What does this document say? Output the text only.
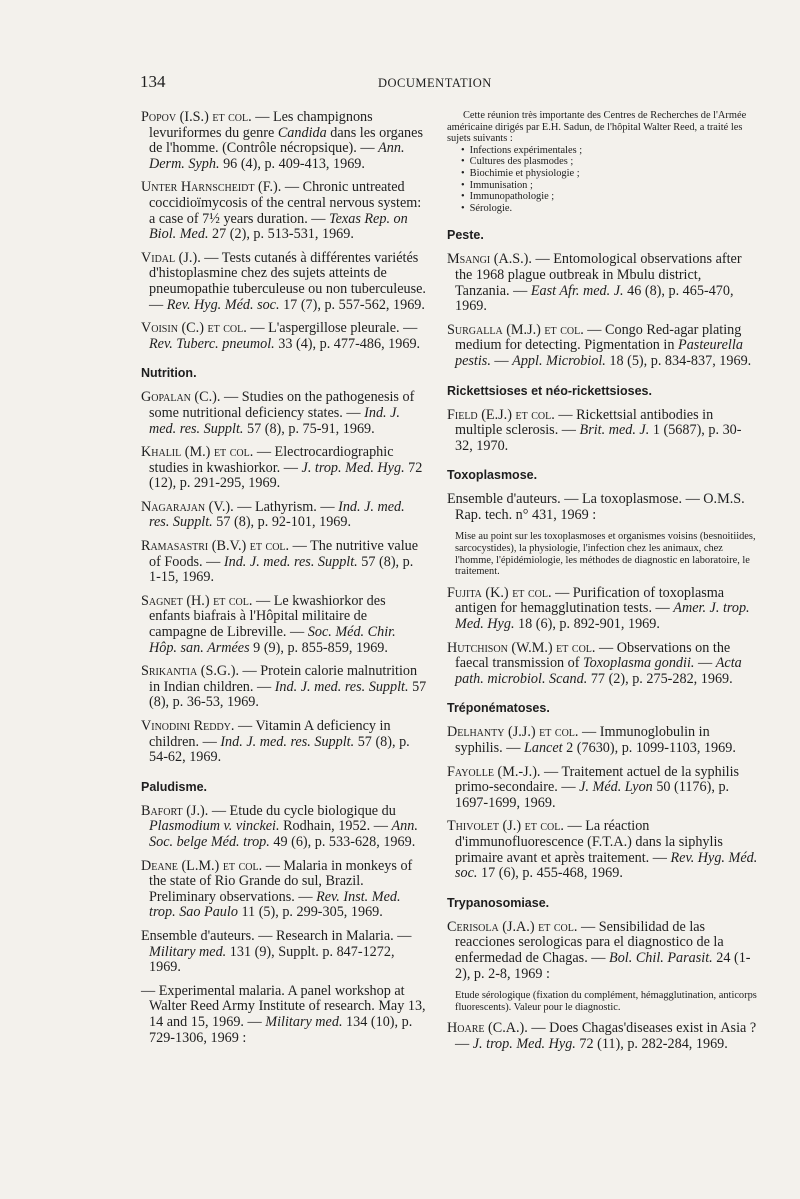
134	DOCUMENTATION
Popov (I.S.) et col. — Les champignons levuriformes du genre Candida dans les organes de l'homme. (Contrôle nécropsique). — Ann. Derm. Syph. 96 (4), p. 409-413, 1969.
Unter Harnscheidt (F.). — Chronic untreated coccidioïmycosis of the central nervous system: a case of 7½ years duration. — Texas Rep. on Biol. Med. 27 (2), p. 513-531, 1969.
Vidal (J.). — Tests cutanés à différentes variétés d'histoplasmine chez des sujets atteints de pneumopathie tuberculeuse ou non tuberculeuse. — Rev. Hyg. Méd. soc. 17 (7), p. 557-562, 1969.
Voisin (C.) et col. — L'aspergillose pleurale. — Rev. Tuberc. pneumol. 33 (4), p. 477-486, 1969.
Nutrition.
Gopalan (C.). — Studies on the pathogenesis of some nutritional deficiency states. — Ind. J. med. res. Supplt. 57 (8), p. 75-91, 1969.
Khalil (M.) et col. — Electrocardiographic studies in kwashiorkor. — J. trop. Med. Hyg. 72 (12), p. 291-295, 1969.
Nagarajan (V.). — Lathyrism. — Ind. J. med. res. Supplt. 57 (8), p. 92-101, 1969.
Ramasastri (B.V.) et col. — The nutritive value of Foods. — Ind. J. med. res. Supplt. 57 (8), p. 1-15, 1969.
Sagnet (H.) et col. — Le kwashiorkor des enfants biafrais à l'Hôpital militaire de campagne de Libreville. — Soc. Méd. Chir. Hôp. san. Armées 9 (9), p. 855-859, 1969.
Srikantia (S.G.). — Protein calorie malnutrition in Indian children. — Ind. J. med. res. Supplt. 57 (8), p. 36-53, 1969.
Vinodini Reddy. — Vitamin A deficiency in children. — Ind. J. med. res. Supplt. 57 (8), p. 54-62, 1969.
Paludisme.
Bafort (J.). — Etude du cycle biologique du Plasmodium v. vinckei. Rodhain, 1952. — Ann. Soc. belge Méd. trop. 49 (6), p. 533-628, 1969.
Deane (L.M.) et col. — Malaria in monkeys of the state of Rio Grande do sul, Brazil. Preliminary observations. — Rev. Inst. Med. trop. Sao Paulo 11 (5), p. 299-305, 1969.
Ensemble d'auteurs. — Research in Malaria. — Military med. 131 (9), Supplt. p. 847-1272, 1969.
— Experimental malaria. A panel workshop at Walter Reed Army Institute of research. May 13, 14 and 15, 1969. — Military med. 134 (10), p. 729-1306, 1969 :
Cette réunion très importante des Centres de Recherches de l'Armée américaine dirigés par E.H. Sadun, de l'hôpital Walter Reed, a traité les sujets suivants :
• Infections expérimentales ;
• Cultures des plasmodes ;
• Biochimie et physiologie ;
• Immunisation ;
• Immunopathologie ;
• Sérologie.
Peste.
Msangi (A.S.). — Entomological observations after the 1968 plague outbreak in Mbulu district, Tanzania. — East Afr. med. J. 46 (8), p. 465-470, 1969.
Surgalla (M.J.) et col. — Congo Red-agar plating medium for detecting. Pigmentation in Pasteurella pestis. — Appl. Microbiol. 18 (5), p. 834-837, 1969.
Rickettsioses et néo-rickettsioses.
Field (E.J.) et col. — Rickettsial antibodies in multiple sclerosis. — Brit. med. J. 1 (5687), p. 30-32, 1970.
Toxoplasmose.
Ensemble d'auteurs. — La toxoplasmose. — O.M.S. Rap. tech. n° 431, 1969 :
Mise au point sur les toxoplasmoses et organismes voisins (besnoitiides, sarcocystides), la physiologie, l'infection chez les animaux, chez l'homme, l'épidémiologie, les méthodes de diagnostic en laboratoire, le traitement.
Fujita (K.) et col. — Purification of toxoplasma antigen for hemagglutination tests. — Amer. J. trop. Med. Hyg. 18 (6), p. 892-901, 1969.
Hutchison (W.M.) et col. — Observations on the faecal transmission of Toxoplasma gondii. — Acta path. microbiol. Scand. 77 (2), p. 275-282, 1969.
Tréponématoses.
Delhanty (J.J.) et col. — Immunoglobulin in syphilis. — Lancet 2 (7630), p. 1099-1103, 1969.
Fayolle (M.-J.). — Traitement actuel de la syphilis primo-secondaire. — J. Méd. Lyon 50 (1176), p. 1697-1699, 1969.
Thivolet (J.) et col. — La réaction d'immunofluorescence (F.T.A.) dans la siphylis primaire avant et après traitement. — Rev. Hyg. Méd. soc. 17 (6), p. 455-468, 1969.
Trypanosomiase.
Cerisola (J.A.) et col. — Sensibilidad de las reacciones serologicas para el diagnostico de la enfermedad de Chagas. — Bol. Chil. Parasit. 24 (1-2), p. 2-8, 1969 :
Etude sérologique (fixation du complément, hémagglutination, anticorps fluorescents). Valeur pour le diagnostic.
Hoare (C.A.). — Does Chagas'diseases exist in Asia ? — J. trop. Med. Hyg. 72 (11), p. 282-284, 1969.
